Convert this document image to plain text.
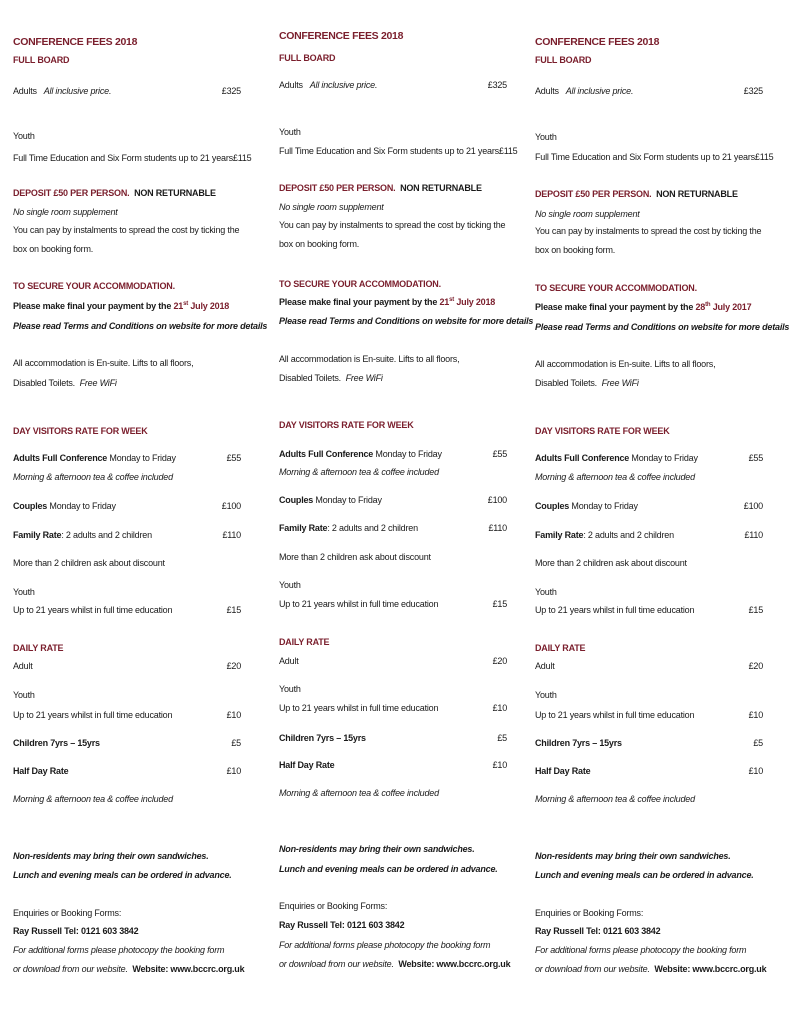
CONFERENCE FEES 2018
FULL BOARD
Adults All inclusive price.	£325
Youth
Full Time Education and Six Form students up to 21 years £115
DEPOSIT £50 PER PERSON. NON RETURNABLE
No single room supplement
You can pay by instalments to spread the cost by ticking the box on booking form.
TO SECURE YOUR ACCOMMODATION.
Please make final your payment by the 21st July 2018
Please read Terms and Conditions on website for more details
All accommodation is En-suite. Lifts to all floors,
Disabled Toilets. Free WiFi
DAY VISITORS RATE FOR WEEK
Adults Full Conference Monday to Friday	£55
Morning & afternoon tea & coffee included
Couples Monday to Friday	£100
Family Rate: 2 adults and 2 children	£110
More than 2 children ask about discount
Youth
Up to 21 years whilst in full time education	£15
DAILY RATE
Adult	£20
Youth
Up to 21 years whilst in full time education	£10
Children 7yrs – 15yrs	£5
Half Day Rate	£10
Morning & afternoon tea & coffee included
Non-residents may bring their own sandwiches.
Lunch and evening meals can be ordered in advance.
Enquiries or Booking Forms:
Ray Russell Tel: 0121 603 3842
For additional forms please photocopy the booking form
or download from our website. Website: www.bccrc.org.uk
CONFERENCE FEES 2018
FULL BOARD
Adults All inclusive price.	£325
Youth
Full Time Education and Six Form students up to 21 years £115
DEPOSIT £50 PER PERSON. NON RETURNABLE
No single room supplement
You can pay by instalments to spread the cost by ticking the box on booking form.
TO SECURE YOUR ACCOMMODATION.
Please make final your payment by the 21st July 2018
Please read Terms and Conditions on website for more details
All accommodation is En-suite. Lifts to all floors,
Disabled Toilets. Free WiFi
DAY VISITORS RATE FOR WEEK
Adults Full Conference Monday to Friday	£55
Morning & afternoon tea & coffee included
Couples Monday to Friday	£100
Family Rate: 2 adults and 2 children	£110
More than 2 children ask about discount
Youth
Up to 21 years whilst in full time education	£15
DAILY RATE
Adult	£20
Youth
Up to 21 years whilst in full time education	£10
Children 7yrs – 15yrs	£5
Half Day Rate	£10
Morning & afternoon tea & coffee included
Non-residents may bring their own sandwiches.
Lunch and evening meals can be ordered in advance.
Enquiries or Booking Forms:
Ray Russell Tel: 0121 603 3842
For additional forms please photocopy the booking form
or download from our website. Website: www.bccrc.org.uk
CONFERENCE FEES 2018
FULL BOARD
Adults All inclusive price.	£325
Youth
Full Time Education and Six Form students up to 21 years £115
DEPOSIT £50 PER PERSON. NON RETURNABLE
No single room supplement
You can pay by instalments to spread the cost by ticking the box on booking form.
TO SECURE YOUR ACCOMMODATION.
Please make final your payment by the 28th July 2017
Please read Terms and Conditions on website for more details
All accommodation is En-suite. Lifts to all floors,
Disabled Toilets. Free WiFi
DAY VISITORS RATE FOR WEEK
Adults Full Conference Monday to Friday	£55
Morning & afternoon tea & coffee included
Couples Monday to Friday	£100
Family Rate: 2 adults and 2 children	£110
More than 2 children ask about discount
Youth
Up to 21 years whilst in full time education	£15
DAILY RATE
Adult	£20
Youth
Up to 21 years whilst in full time education	£10
Children 7yrs – 15yrs	£5
Half Day Rate	£10
Morning & afternoon tea & coffee included
Non-residents may bring their own sandwiches.
Lunch and evening meals can be ordered in advance.
Enquiries or Booking Forms:
Ray Russell Tel: 0121 603 3842
For additional forms please photocopy the booking form
or download from our website. Website: www.bccrc.org.uk
